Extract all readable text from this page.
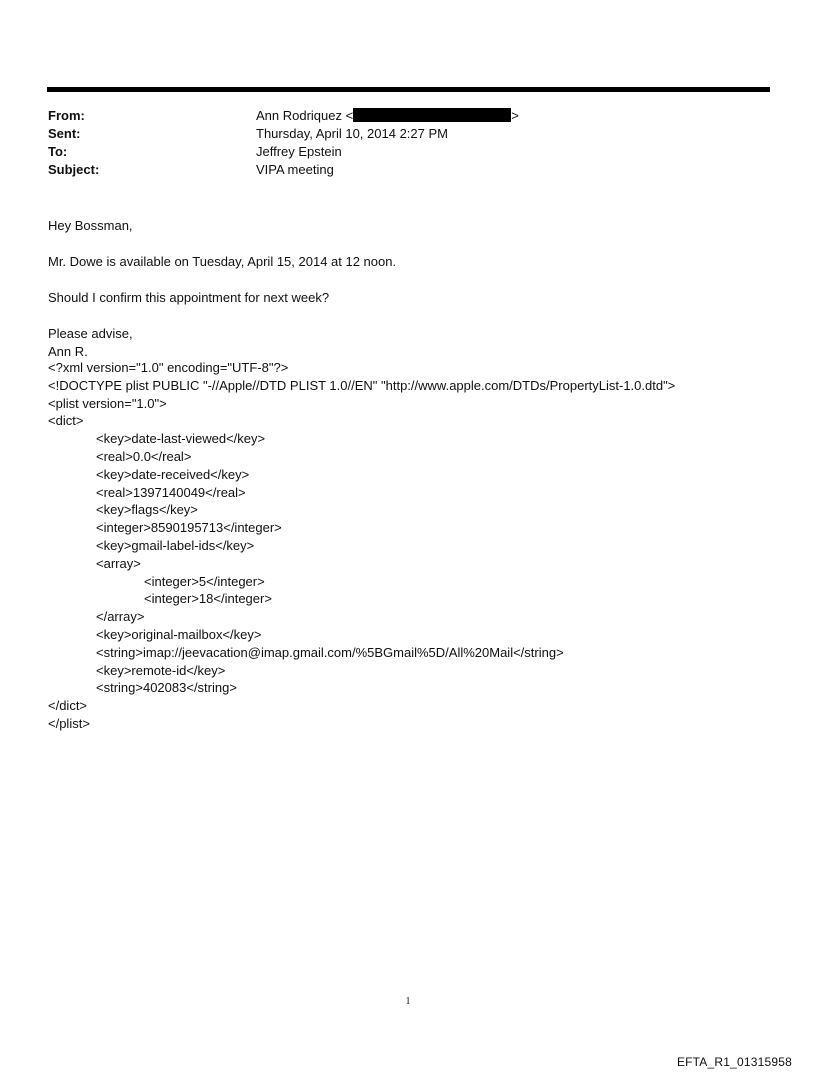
From:	Ann Rodriquez <	>
Sent:	Thursday, April 10, 2014 2:27 PM
To:	Jeffrey Epstein
Subject:	VIPA meeting

Hey Bossman,

Mr. Dowe is available on Tuesday, April 15, 2014 at 12 noon.

Should I confirm this appointment for next week?

Please advise,

Ann R.

<?xml version="1.0" encoding="UTF-8"?>
<!DOCTYPE plist PUBLIC "-//Apple//DTD PLIST 1.0//EN" "http://www.apple.com/DTDs/PropertyList-1.0.dtd">
<plist version="1.0">
<dict>
<key>date-last-viewed</key>
<real>0.0</real>
<key>date-received</key>
<real>1397140049</real>
<key>flags</key>
<integer>8590195713</integer>
<key>gmail-label-ids</key>
<array>
<integer>5</integer>
<integer>18</integer>
</array>
<key>original-mailbox</key>
<string>imap://jeevacation@imap.gmail.com/%5BGmail%5D/All%20Mail</string>
<key>remote-id</key>
<string>402083</string>
</dict>
</plist>
1
EFTA_R1_01315958
